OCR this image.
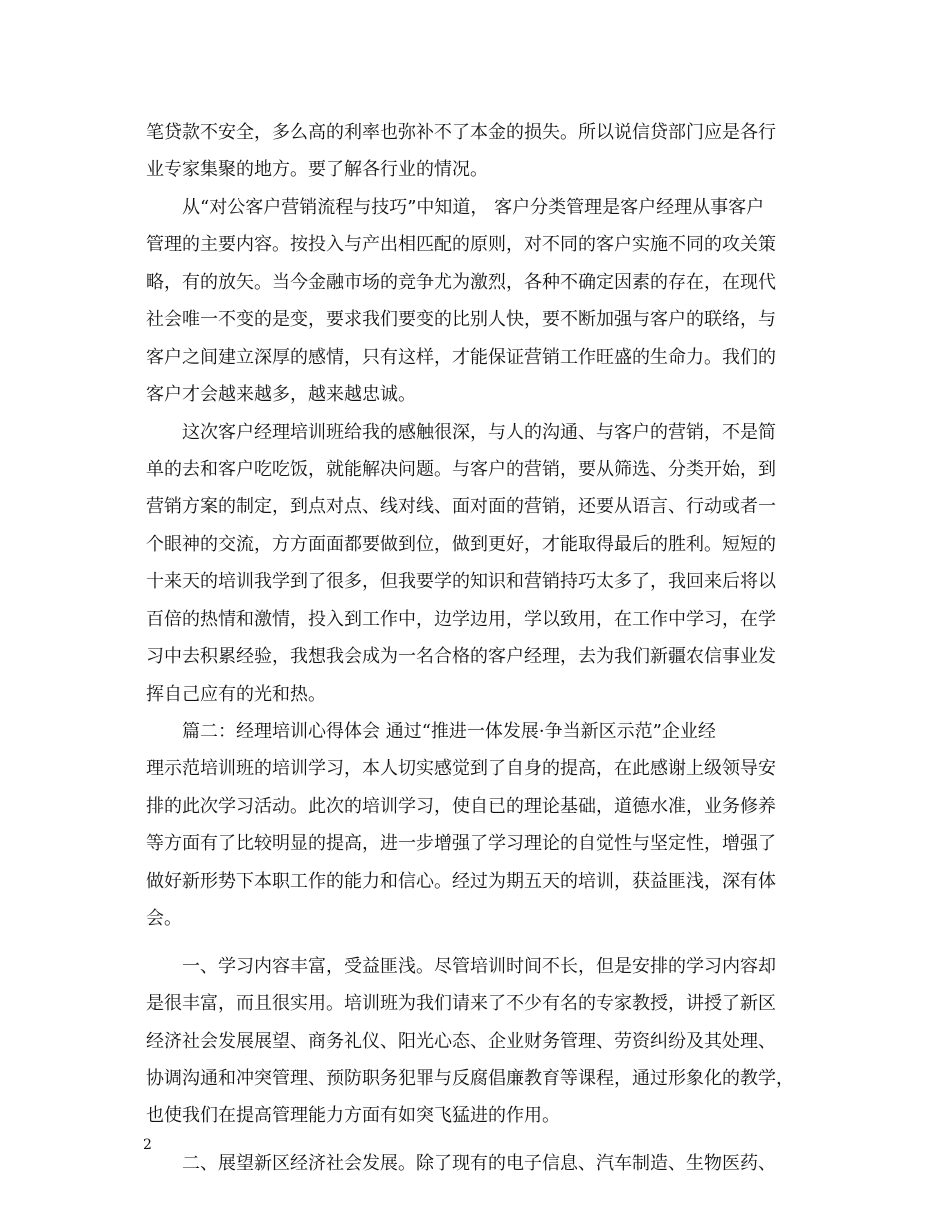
笔贷款不安全，多么高的利率也弥补不了本金的损失。所以说信贷部门应是各行
业专家集聚的地方。要了解各行业的情况。
从“对公客户营销流程与技巧”中知道， 客户分类管理是客户经理从事客户
管理的主要内容。按投入与产出相匹配的原则，对不同的客户实施不同的攻关策
略，有的放矢。当今金融市场的竞争尤为激烈，各种不确定因素的存在，在现代
社会唯一不变的是变，要求我们要变的比别人快，要不断加强与客户的联络，与
客户之间建立深厚的感情，只有这样，才能保证营销工作旺盛的生命力。我们的
客户才会越来越多，越来越忠诚。
这次客户经理培训班给我的感触很深，与人的沟通、与客户的营销，不是简
单的去和客户吃吃饭，就能解决问题。与客户的营销，要从筛选、分类开始，到
营销方案的制定，到点对点、线对线、面对面的营销，还要从语言、行动或者一
个眼神的交流，方方面面都要做到位，做到更好，才能取得最后的胜利。短短的
十来天的培训我学到了很多，但我要学的知识和营销持巧太多了，我回来后将以
百倍的热情和激情，投入到工作中，边学边用，学以致用，在工作中学习，在学
习中去积累经验，我想我会成为一名合格的客户经理，去为我们新疆农信事业发
挥自己应有的光和热。
篇二：经理培训心得体会 通过“推进一体发展·争当新区示范”企业经
理示范培训班的培训学习，本人切实感觉到了自身的提高，在此感谢上级领导安
排的此次学习活动。此次的培训学习，使自已的理论基础，道德水准，业务修养
等方面有了比较明显的提高，进一步增强了学习理论的自觉性与坚定性，增强了
做好新形势下本职工作的能力和信心。经过为期五天的培训，获益匪浅，深有体
会。
一、学习内容丰富，受益匪浅。尽管培训时间不长，但是安排的学习内容却
是很丰富，而且很实用。培训班为我们请来了不少有名的专家教授，讲授了新区
经济社会发展展望、商务礼仪、阳光心态、企业财务管理、劳资纠纷及其处理、
协调沟通和冲突管理、预防职务犯罪与反腐倡廉教育等课程，通过形象化的教学，
也使我们在提高管理能力方面有如突飞猛进的作用。
二、展望新区经济社会发展。除了现有的电子信息、汽车制造、生物医药、
2
